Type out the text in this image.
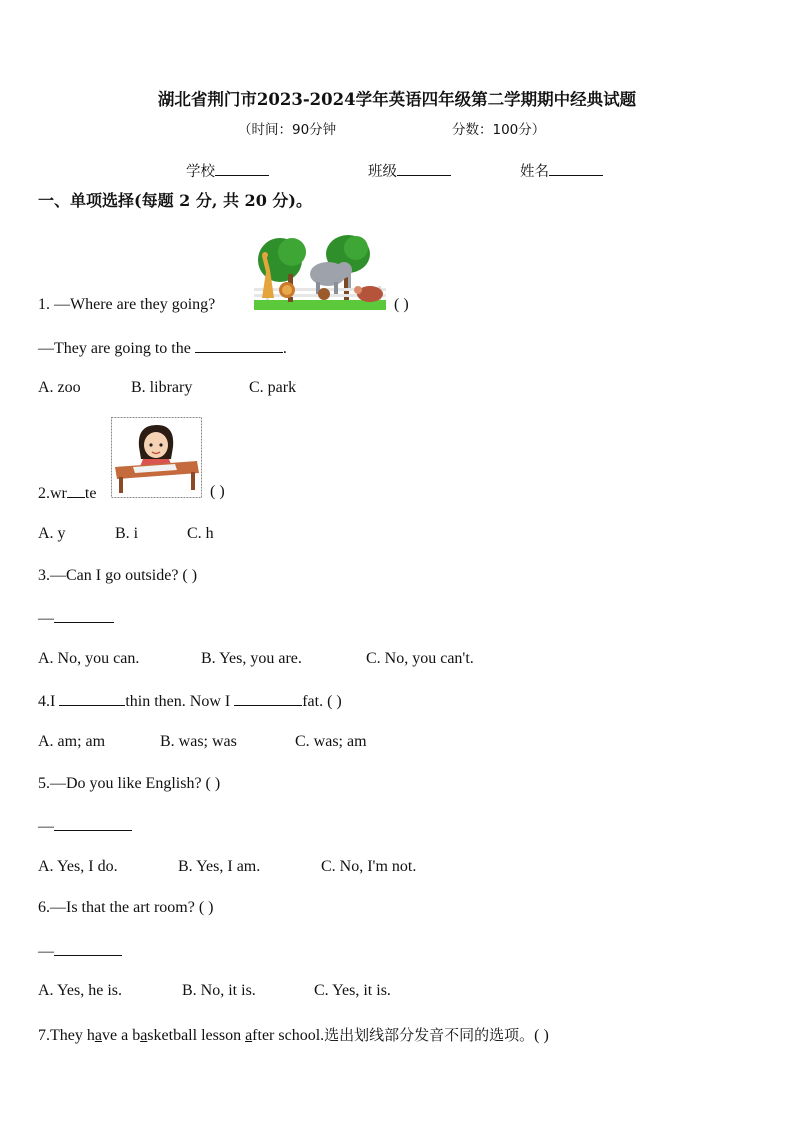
湖北省荆门市2023-2024学年英语四年级第二学期期中经典试题
（时间：90分钟	分数：100分）
学校	班级	姓名
一、单项选择(每题 2 分, 共 20 分)。
1. —Where are they going?	( )
—They are going to the	.
A. zoo	B. library	C. park
2.wr te	( )
A. y	B. i	C. h
3.—Can I go outside? ( )
—
A. No, you can.	B. Yes, you are.	C. No, you can't.
4.I	thin then. Now I	fat. ( )
A. am; am	B. was; was	C. was; am
5.—Do you like English? ( )
—
A. Yes, I do.	B. Yes, I am.	C. No, I'm not.
6.—Is that the art room? ( )
—
A. Yes, he is.	B. No, it is.	C. Yes, it is.
7.They have a basketball lesson after school.选出划线部分发音不同的选项。( )
